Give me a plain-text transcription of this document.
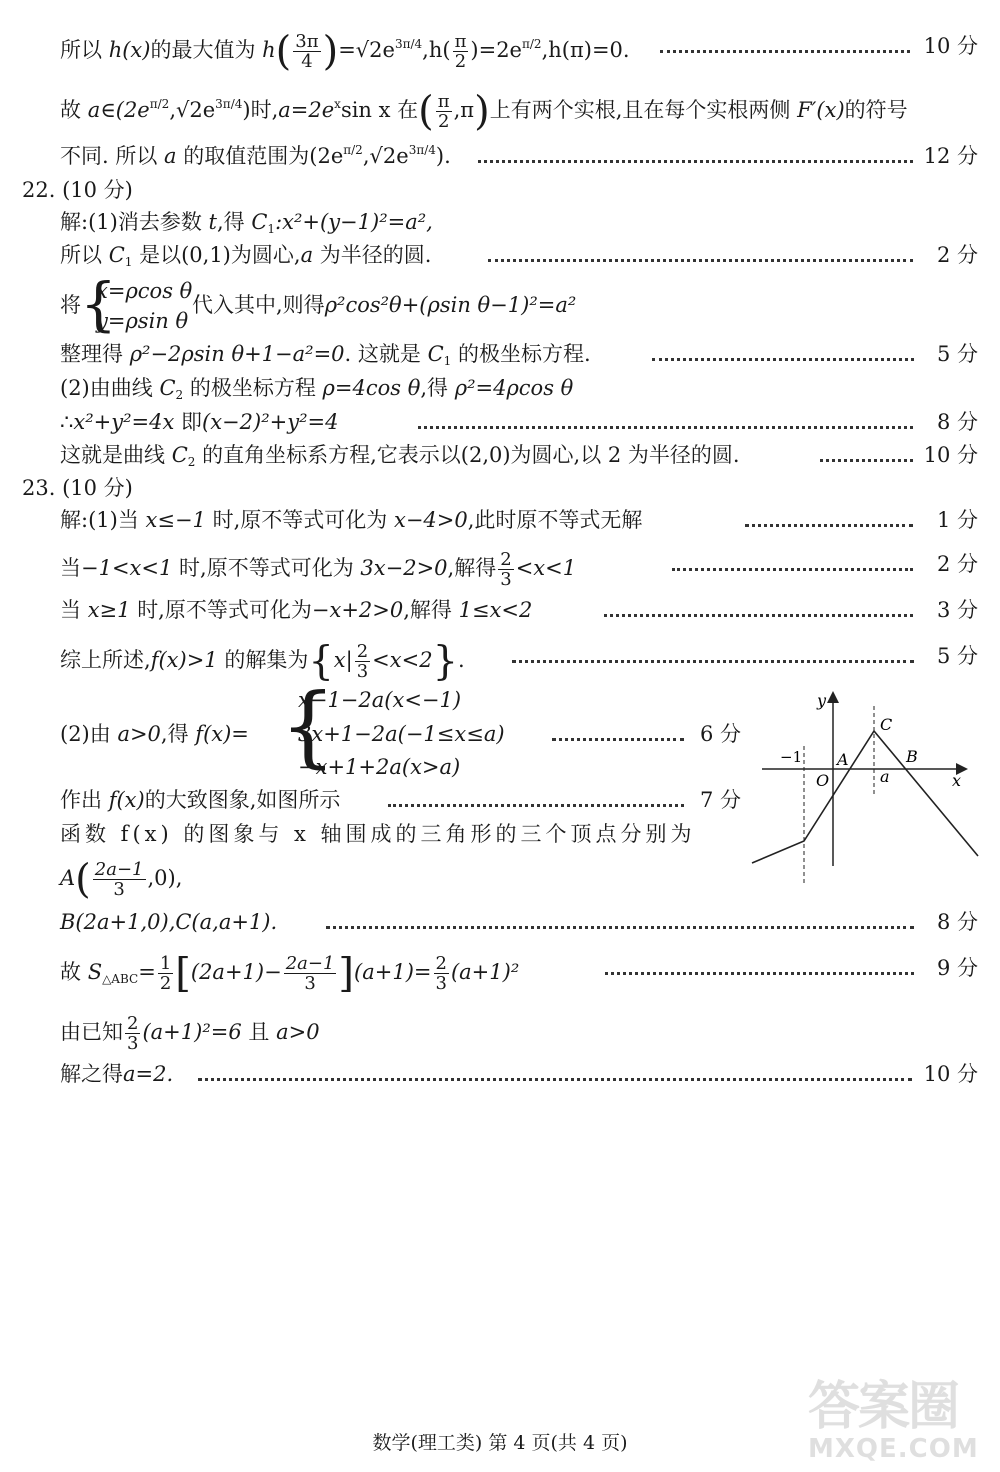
所以 h(x)的最大值为 $h( \frac{3\pi}{4} )=√2e^{3\pi/4},h( \frac{\pi}{2} )=2e^{\pi/2},h(\pi)=0$.	10 分
故 $a\in(2e^{\pi/2},√2e^{3\pi/4})$时$,a=2e^x\sin$ x 在( $\frac{\pi}{2} ,\pi$)上有两个实根,且在每个实根两侧 F′(x)的符号
不同. 所以 a 的取值范围为$(2e^{\pi/2},√2e^{3\pi/4})$.	12 分
22. (10 分)
解:(1)消去参数 t,得 $C_1:x^2+(y-1)^2=a^2$,
所以 $C_1$ 是以(0,1)为圆心,a 为半径的圆.	2 分
将 {
x=ρcos θ
y=ρsin θ
代入其中,则得ρ²cos²θ+(ρsin θ−1)²=a²
整理得 ρ²−2ρsin θ+1−a²=0. 这就是 $C_1$ 的极坐标方程.	5 分
(2)由曲线 $C_2$ 的极坐标方程 ρ=4cos θ,得 ρ²=4ρcos θ
∴x²+y²=4x 即(x−2)²+y²=4	8 分
这就是曲线 $C_2$ 的直角坐标系方程,它表示以(2,0)为圆心,以 2 为半径的圆.	10 分
23. (10 分)
解:(1)当 x≤−1 时,原不等式可化为 x−4>0,此时原不等式无解	1 分
当−1<x<1 时,原不等式可化为 3x−2>0,解得 $\frac{2}{3} <x<1$	2 分
当 x≥1 时,原不等式可化为−x+2>0,解得 1≤x<2	3 分
综上所述,f(x)>1 的解集为$\{x| \frac{2}{3} <x<2\}$.	5 分
(2)由 a>0,得 f(x)= {
x−1−2a(x<−1)
3x+1−2a(−1≤x≤a)
−x+1+2a(x>a)
6 分
作出 f(x)的大致图象,如图所示	7 分
函数 f(x) 的图象与 x 轴围成的三角形的三个顶点分别为
$A( \frac{2a-1}{3} ,0)$,
B(2a+1,0),C(a,a+1).	8 分
故 $S_{\triangle ABC}= \frac{1}{2} [(2a+1)- \frac{2a-1}{3} ](a+1)= \frac{2}{3} (a+1)^2$	9 分
由已知 $\frac{2}{3} (a+1)^2=6$ 且 a>0
解之得a=2.	10 分
y
x
C
A	B
O	a
−1
数学(理工类) 第 4 页(共 4 页)
答案圈
MXQE.COM
